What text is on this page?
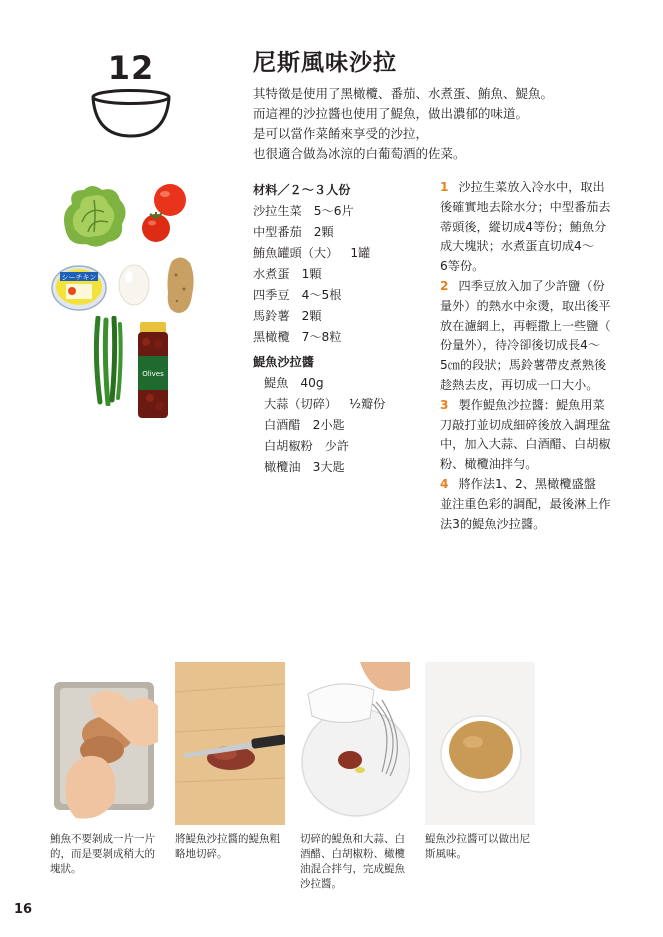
12	尼斯風味沙拉
其特徵是使用了黑橄欖、番茄、水煮蛋、鮪魚、鯷魚。
而這裡的沙拉醬也使用了鯷魚，做出濃郁的味道。
是可以當作菜餚來享受的沙拉，
也很適合做為冰涼的白葡萄酒的佐菜。
シーチキン
Olives
材料／２～３人份
沙拉生菜 5～6片
中型番茄 2顆
鮪魚罐頭（大） 1罐
水煮蛋 1顆
四季豆 4～5根
馬鈴薯 2顆
黑橄欖 7～8粒
鯷魚沙拉醬
鯷魚 40g
大蒜（切碎） ½瓣份
白酒醋 2小匙
白胡椒粉 少許
橄欖油 3大匙
1 沙拉生菜放入冷水中，取出
後確實地去除水分；中型番茄去
蒂頭後，縱切成4等份；鮪魚分
成大塊狀；水煮蛋直切成4～
6等份。
2 四季豆放入加了少許鹽（份
量外）的熱水中汆燙，取出後平
放在濾網上，再輕撒上一些鹽（
份量外），待冷卻後切成長4～
5㎝的段狀；馬鈴薯帶皮煮熟後
趁熱去皮，再切成一口大小。
3 製作鯷魚沙拉醬：鯷魚用菜
刀敲打並切成細碎後放入調理盆
中，加入大蒜、白酒醋、白胡椒
粉、橄欖油拌勻。
4 將作法1、2、黑橄欖盛盤
並注重色彩的調配，最後淋上作
法3的鯷魚沙拉醬。
鮪魚不要剝成一片一片
的，而是要剝成稍大的
塊狀。
將鯷魚沙拉醬的鯷魚粗
略地切碎。
切碎的鯷魚和大蒜、白
酒醋、白胡椒粉、橄欖
油混合拌勻，完成鯷魚
沙拉醬。
鯷魚沙拉醬可以做出尼
斯風味。
16
